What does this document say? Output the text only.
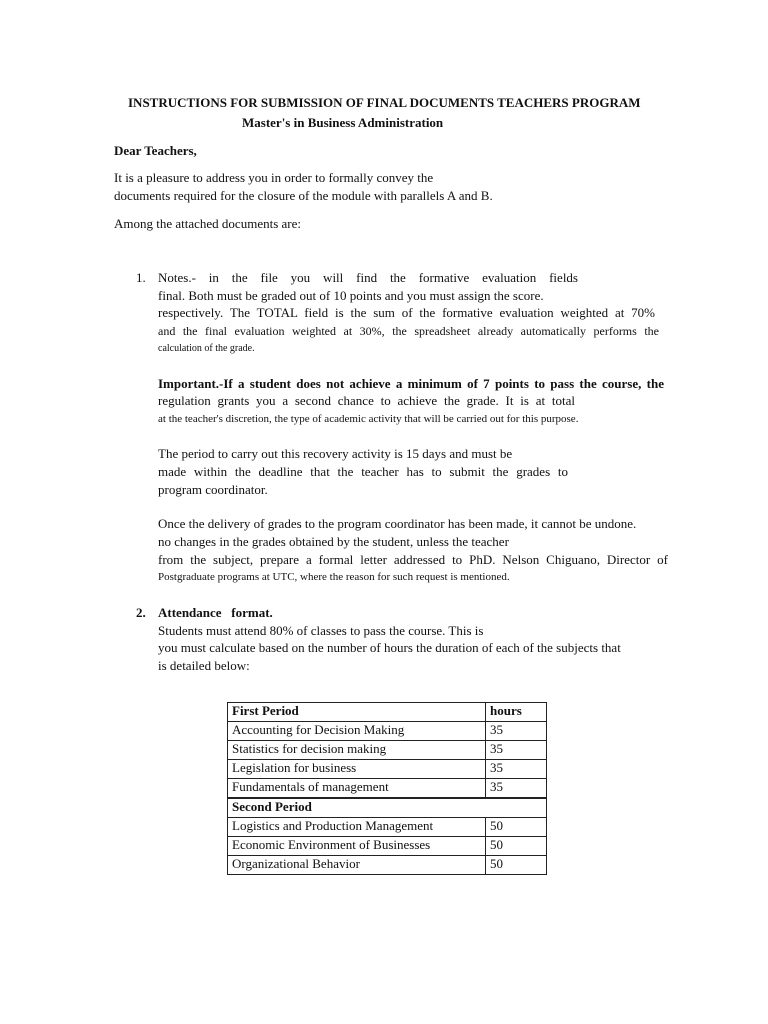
INSTRUCTIONS FOR SUBMISSION OF FINAL DOCUMENTS TEACHERS PROGRAM
Master's in Business Administration
Dear Teachers,
It is a pleasure to address you in order to formally convey the
documents required for the closure of the module with parallels A and B.
Among the attached documents are:
1. Notes.- in the file you will find the formative evaluation fields
final. Both must be graded out of 10 points and you must assign the score.
respectively. The TOTAL field is the sum of the formative evaluation weighted at 70%
and the final evaluation weighted at 30%, the spreadsheet already automatically performs the
calculation of the grade.
Important.-If a student does not achieve a minimum of 7 points to pass the course, the
regulation grants you a second chance to achieve the grade. It is at total
at the teacher's discretion, the type of academic activity that will be carried out for this purpose.
The period to carry out this recovery activity is 15 days and must be
made within the deadline that the teacher has to submit the grades to
program coordinator.
Once the delivery of grades to the program coordinator has been made, it cannot be undone.
no changes in the grades obtained by the student, unless the teacher
from the subject, prepare a formal letter addressed to PhD. Nelson Chiguano, Director of
Postgraduate programs at UTC, where the reason for such request is mentioned.
2. Attendance   format.
Students must attend 80% of classes to pass the course. This is
you must calculate based on the number of hours the duration of each of the subjects that
is detailed below:
First Period	hours
Accounting for Decision Making	35
Statistics for decision making	35
Legislation for business	35
Fundamentals of management	35
Second Period	
Logistics and Production Management	50
Economic Environment of Businesses	50
Organizational Behavior	50
